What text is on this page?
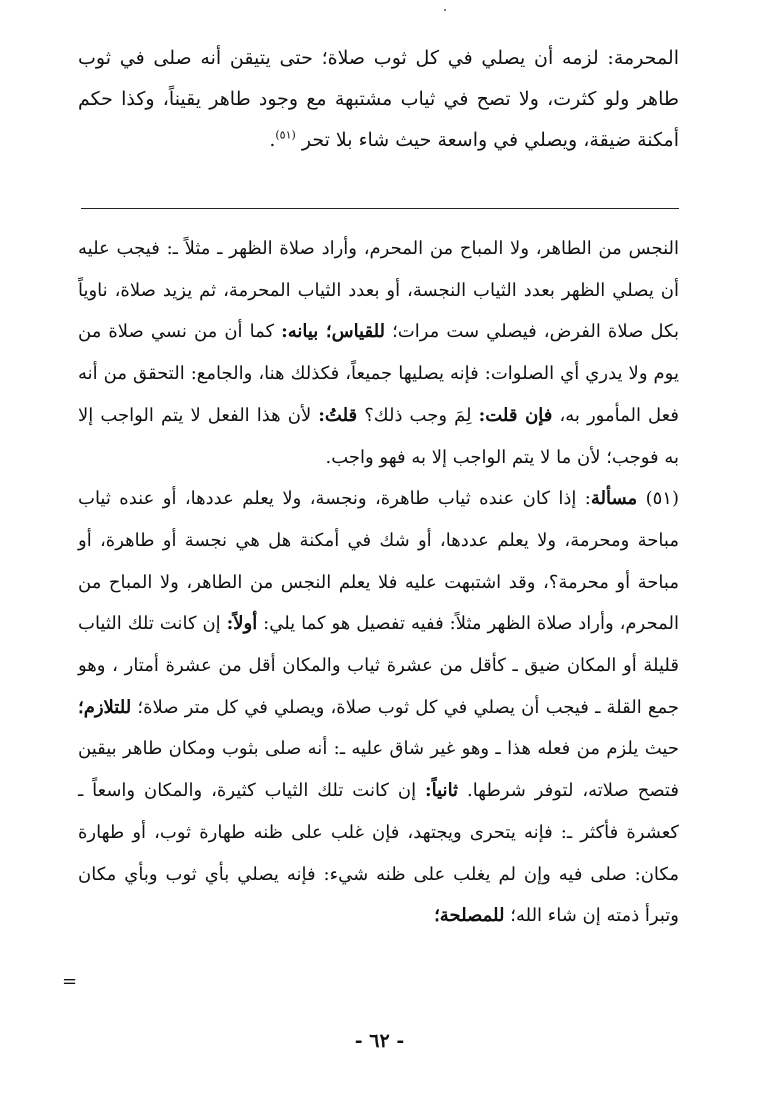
المحرمة: لزمه أن يصلي في كل ثوب صلاة؛ حتى يتيقن أنه صلى في ثوب طاهر ولو كثرت، ولا تصح في ثياب مشتبهة مع وجود طاهر يقيناً، وكذا حكم أمكنة ضيقة، ويصلي في واسعة حيث شاء بلا تحر $^{(٥١)}$.

النجس من الطاهر، ولا المباح من المحرم، وأراد صلاة الظهر ـ مثلاً ـ: فيجب عليه أن يصلي الظهر بعدد الثياب النجسة، أو بعدد الثياب المحرمة، ثم يزيد صلاة، ناوياً بكل صلاة الفرض، فيصلي ست مرات؛ للقياس؛ بيانه: كما أن من نسي صلاة من يوم ولا يدري أي الصلوات: فإنه يصليها جميعاً، فكذلك هنا، والجامع: التحقق من أنه فعل المأمور به، فإن قلت: لِمَ وجب ذلك؟ قلتُ: لأن هذا الفعل لا يتم الواجب إلا به فوجب؛ لأن ما لا يتم الواجب إلا به فهو واجب.

(٥١) مسألة: إذا كان عنده ثياب طاهرة، ونجسة، ولا يعلم عددها، أو عنده ثياب مباحة ومحرمة، ولا يعلم عددها، أو شك في أمكنة هل هي نجسة أو طاهرة، أو مباحة أو محرمة؟، وقد اشتبهت عليه فلا يعلم النجس من الطاهر، ولا المباح من المحرم، وأراد صلاة الظهر مثلاً: ففيه تفصيل هو كما يلي: أولاً: إن كانت تلك الثياب قليلة أو المكان ضيق ـ كأقل من عشرة ثياب والمكان أقل من عشرة أمتار ، وهو جمع القلة ـ فيجب أن يصلي في كل ثوب صلاة، ويصلي في كل متر صلاة؛ للتلازم؛ حيث يلزم من فعله هذا ـ وهو غير شاق عليه ـ: أنه صلى بثوب ومكان طاهر بيقين فتصح صلاته، لتوفر شرطها. ثانياً: إن كانت تلك الثياب كثيرة، والمكان واسعاً ـ كعشرة فأكثر ـ: فإنه يتحرى ويجتهد، فإن غلب على ظنه طهارة ثوب، أو طهارة مكان: صلى فيه وإن لم يغلب على ظنه شيء: فإنه يصلي بأي ثوب وبأي مكان وتبرأ ذمته إن شاء الله؛ للمصلحة؛

=
- ٦٢ -
